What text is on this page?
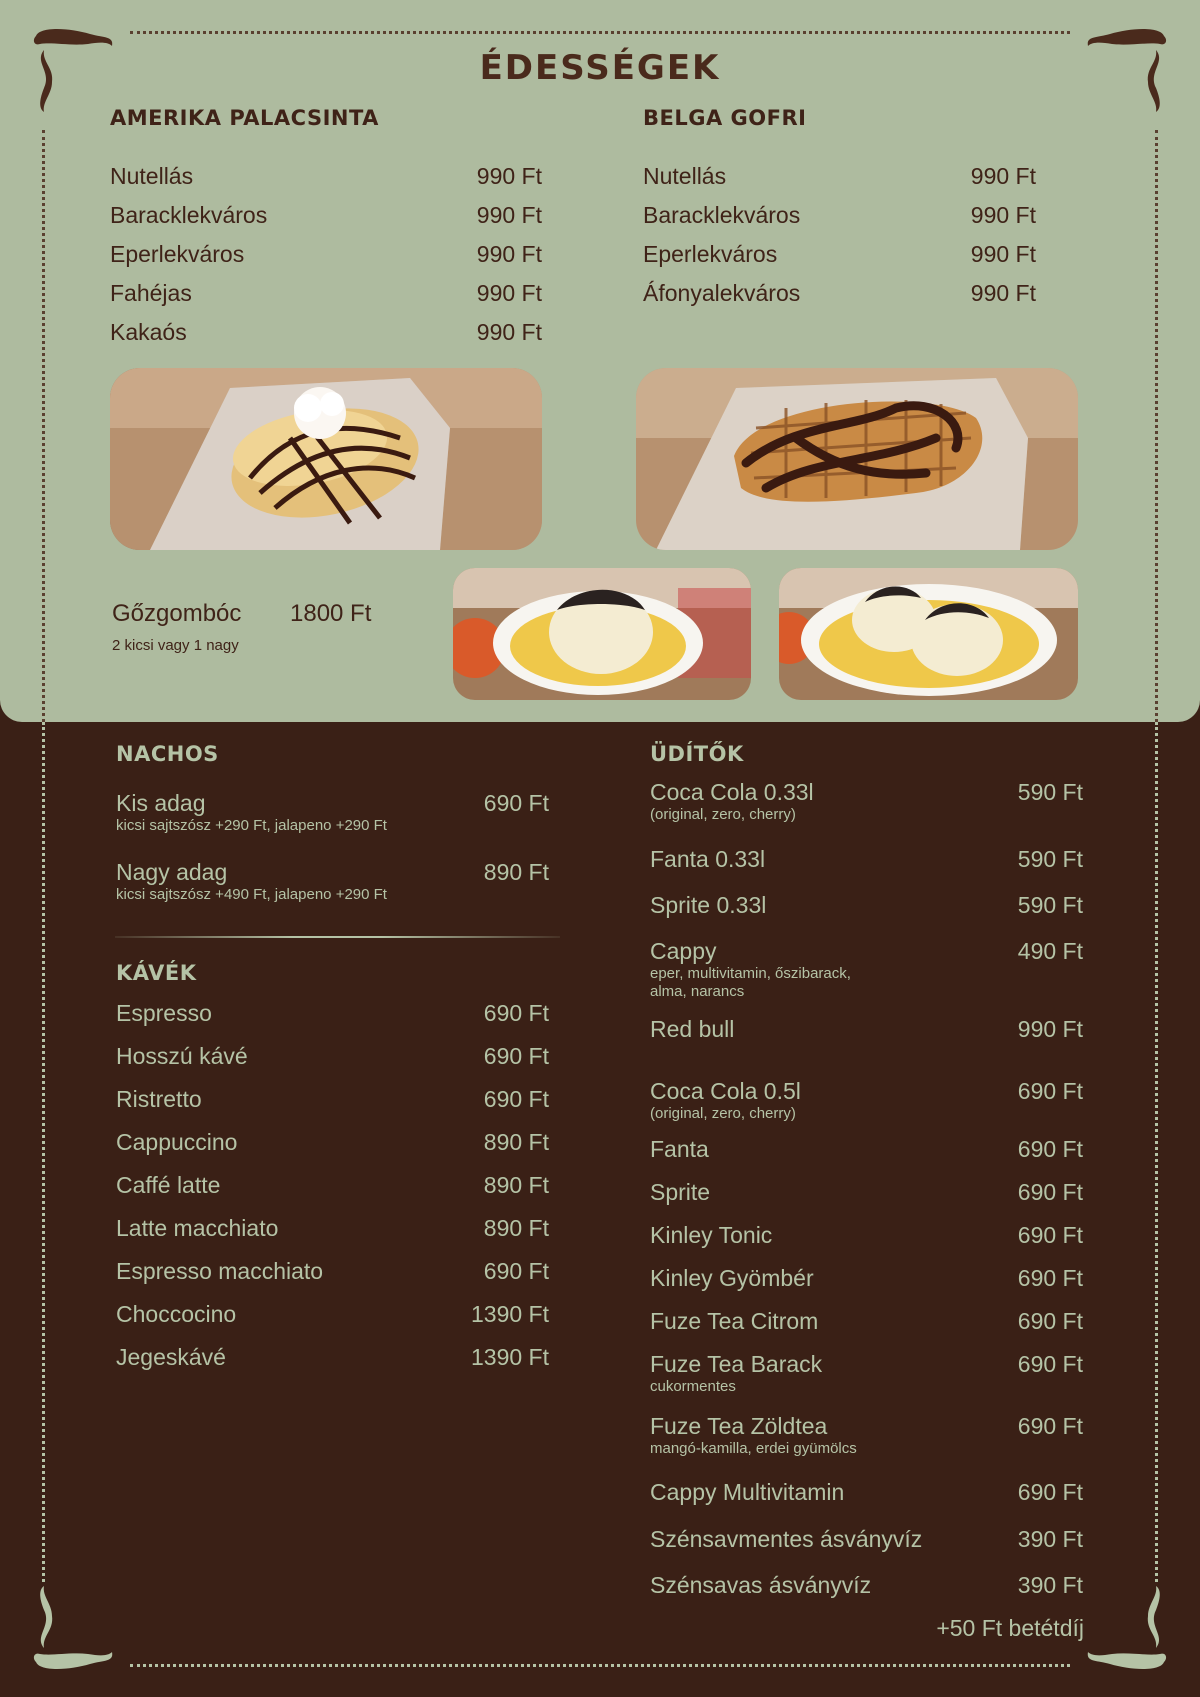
ÉDESSÉGEK
AMERIKA PALACSINTA	BELGA GOFRI
Nutellás	990 Ft
Baracklekváros	990 Ft
Eperlekváros	990 Ft
Fahéjas	990 Ft
Kakaós	990 Ft
Nutellás	990 Ft
Baracklekváros	990 Ft
Eperlekváros	990 Ft
Áfonyalekváros	990 Ft
Gőzgombóc 1800 Ft
2 kicsi vagy 1 nagy
NACHOS
Kis adag	690 Ft
kicsi sajtszósz +290 Ft, jalapeno +290 Ft
Nagy adag	890 Ft
kicsi sajtszósz +490 Ft, jalapeno +290 Ft
KÁVÉK
Espresso	690 Ft
Hosszú kávé	690 Ft
Ristretto	690 Ft
Cappuccino	890 Ft
Caffé latte	890 Ft
Latte macchiato	890 Ft
Espresso macchiato	690 Ft
Choccocino	1390 Ft
Jegeskávé	1390 Ft
ÜDÍTŐK
Coca Cola 0.33l	590 Ft
(original, zero, cherry)
Fanta 0.33l	590 Ft
Sprite 0.33l	590 Ft
Cappy	490 Ft
eper, multivitamin, őszibarack,
alma, narancs
Red bull	990 Ft
Coca Cola 0.5l	690 Ft
(original, zero, cherry)
Fanta	690 Ft
Sprite	690 Ft
Kinley Tonic	690 Ft
Kinley Gyömbér	690 Ft
Fuze Tea Citrom	690 Ft
Fuze Tea Barack	690 Ft
cukormentes
Fuze Tea Zöldtea	690 Ft
mangó-kamilla, erdei gyümölcs
Cappy Multivitamin	690 Ft
Szénsavmentes ásványvíz	390 Ft
Szénsavas ásványvíz	390 Ft
+50 Ft betétdíj
